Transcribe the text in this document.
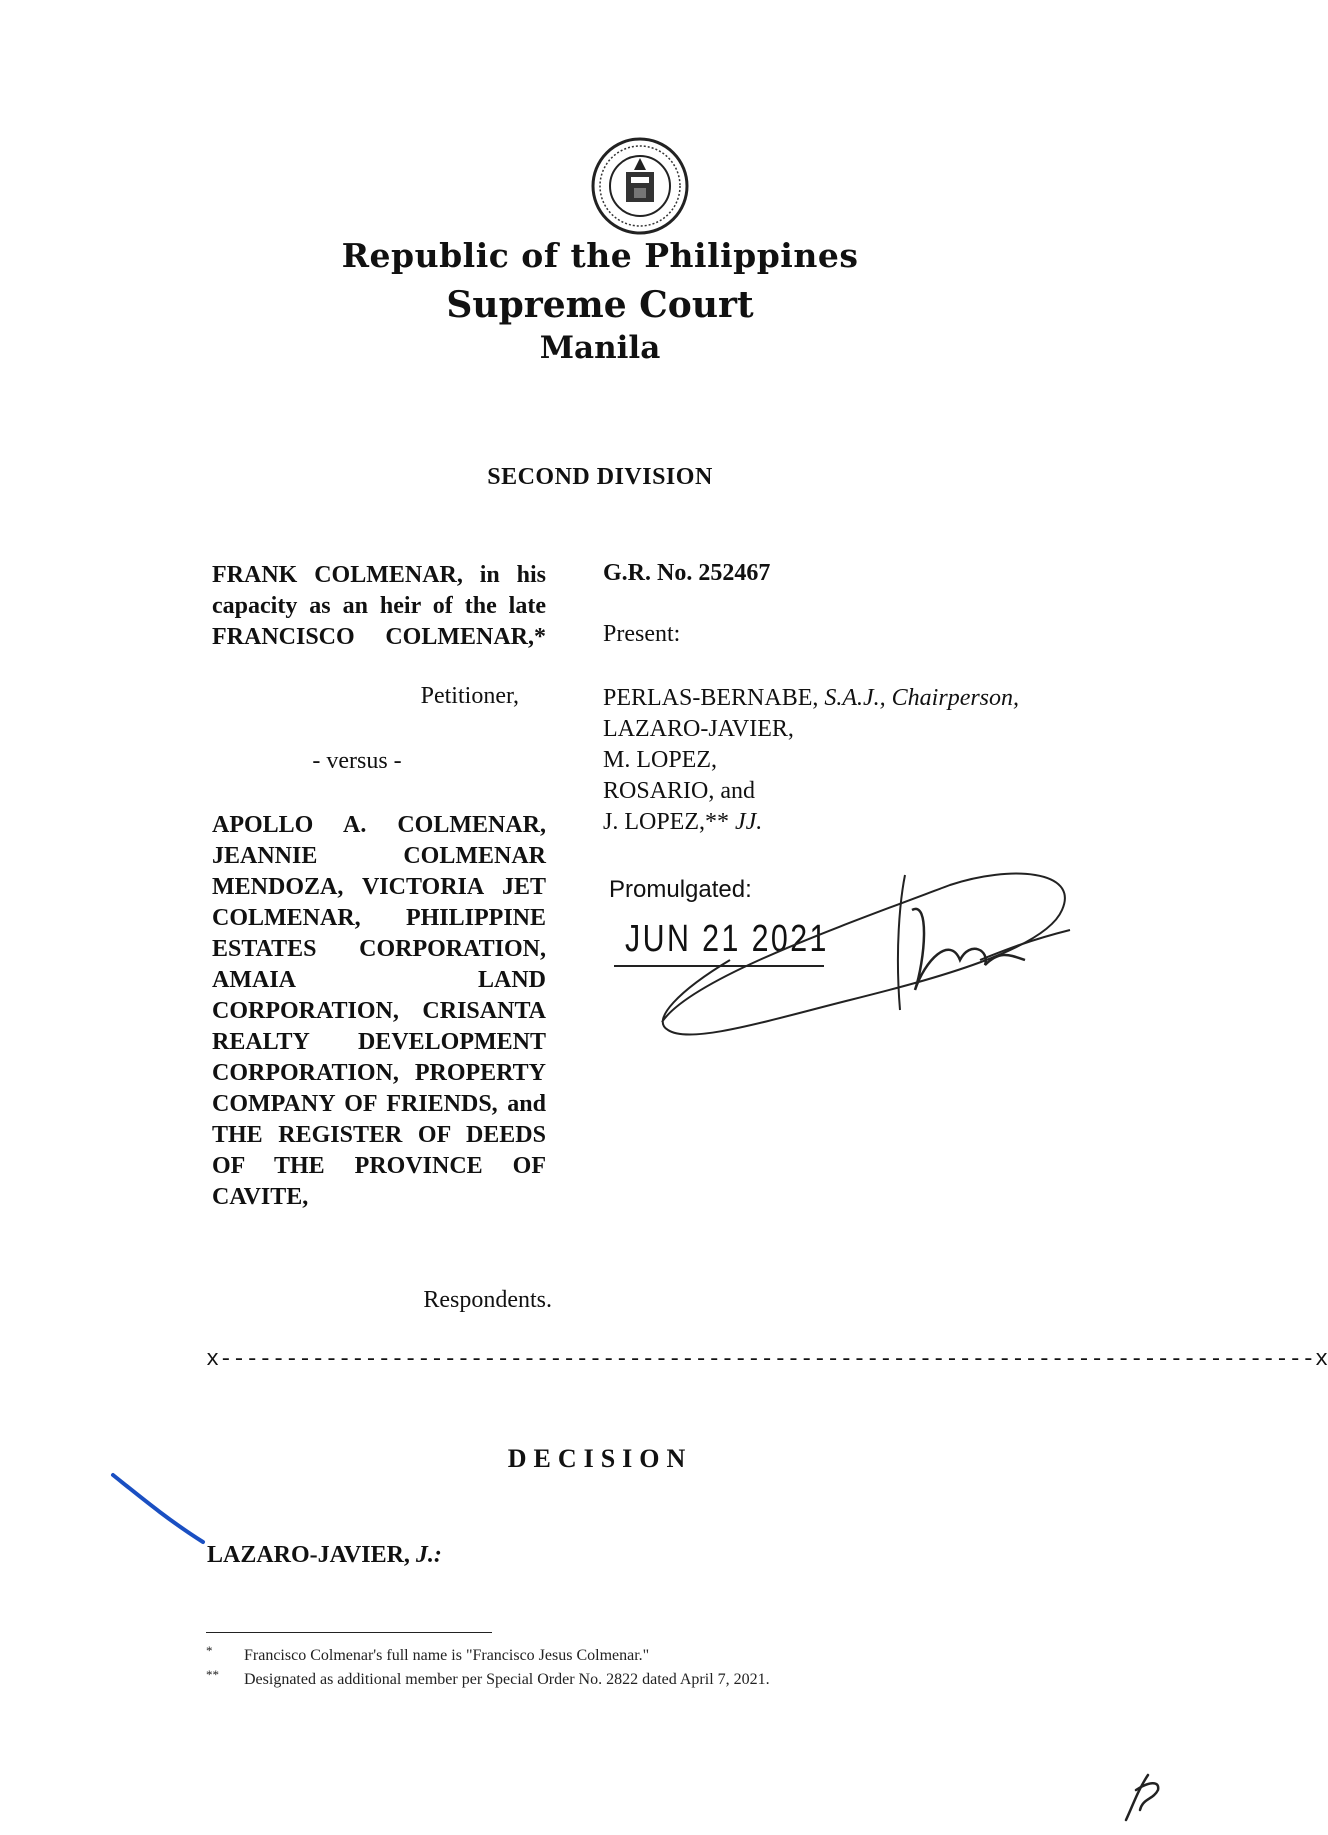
Republic of the Philippines
Supreme Court
Manila
SECOND DIVISION
FRANK COLMENAR, in his capacity as an heir of the late FRANCISCO COLMENAR,*
Petitioner,
- versus -
APOLLO A. COLMENAR, JEANNIE COLMENAR MENDOZA, VICTORIA JET COLMENAR, PHILIPPINE ESTATES CORPORATION, AMAIA LAND CORPORATION, CRISANTA REALTY DEVELOPMENT CORPORATION, PROPERTY COMPANY OF FRIENDS, and THE REGISTER OF DEEDS OF THE PROVINCE OF CAVITE,
Respondents.
G.R. No. 252467
Present:
PERLAS-BERNABE, S.A.J., Chairperson,
LAZARO-JAVIER,
M. LOPEZ,
ROSARIO, and
J. LOPEZ,** JJ.
Promulgated:
JUN 21 2021
x-----------------------------------------------------------------------------------x
DECISION
LAZARO-JAVIER, J.:
* Francisco Colmenar's full name is "Francisco Jesus Colmenar."
** Designated as additional member per Special Order No. 2822 dated April 7, 2021.
